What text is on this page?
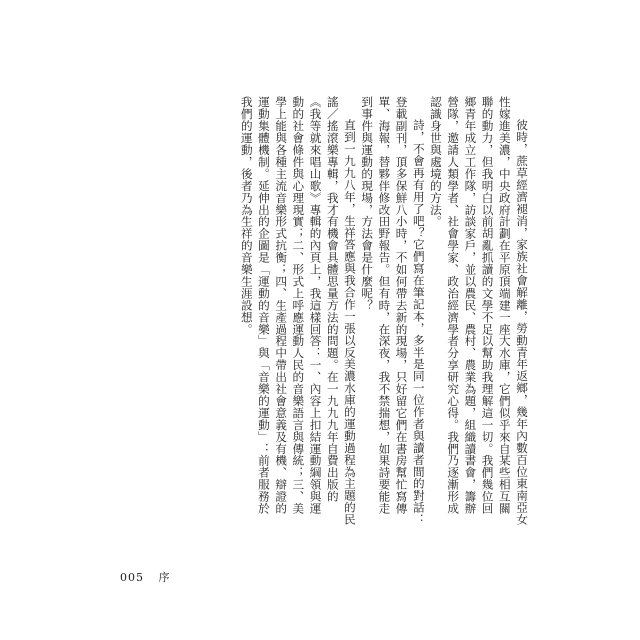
彼時，蔗草經濟褪消，家族社會解離，勞動青年返鄉，幾年內數百位東南亞女性嫁進美濃，中央政府計劃在平原頂端建一座大水庫，它們似乎來自某些相互關聯的動力，但我明白以前胡亂抓讀的文學不足以幫助我理解這一切。我們幾位回鄉青年成立工作隊，訪談家戶，並以農民、農村、農業為題，組織讀書會，籌辦營隊，邀請人類學者、社會學家、政治經濟學者分享研究心得。我們乃逐漸形成認識身世與處境的方法。

詩，不會再有用了吧？它們寫在筆記本，多半是同一位作者與讀者間的對話：登載副刊，頂多保鮮八小時，不如何帶去新的現場，只好留它們在書房幫忙寫傳單、海報，替夥伴修改田野報告。但有時，在深夜，我不禁揣想，如果詩要能走到事件與運動的現場，方法會是什麼呢？

直到一九九八年，生祥答應與我合作一張以反美濃水庫的運動過程為主題的民謠／搖滾樂專輯，我才有機會具體思量方法的問題。在一九九九年自費出版的《我等就來唱山歌》專輯的內頁上，我這樣回答：一、內容上扣結運動綱領與運動的社會條件與心理現實；二、形式上呼應運動人民的音樂語言與傳統；三、美學上能與各種主流音樂形式抗衡；四、生產過程中帶出社會意義及有機、辯證的運動集體機制。延伸出的企圖是「運動的音樂」與「音樂的運動」：前者服務於我們的運動，後者乃為生祥的音樂生涯設想。

005 序
